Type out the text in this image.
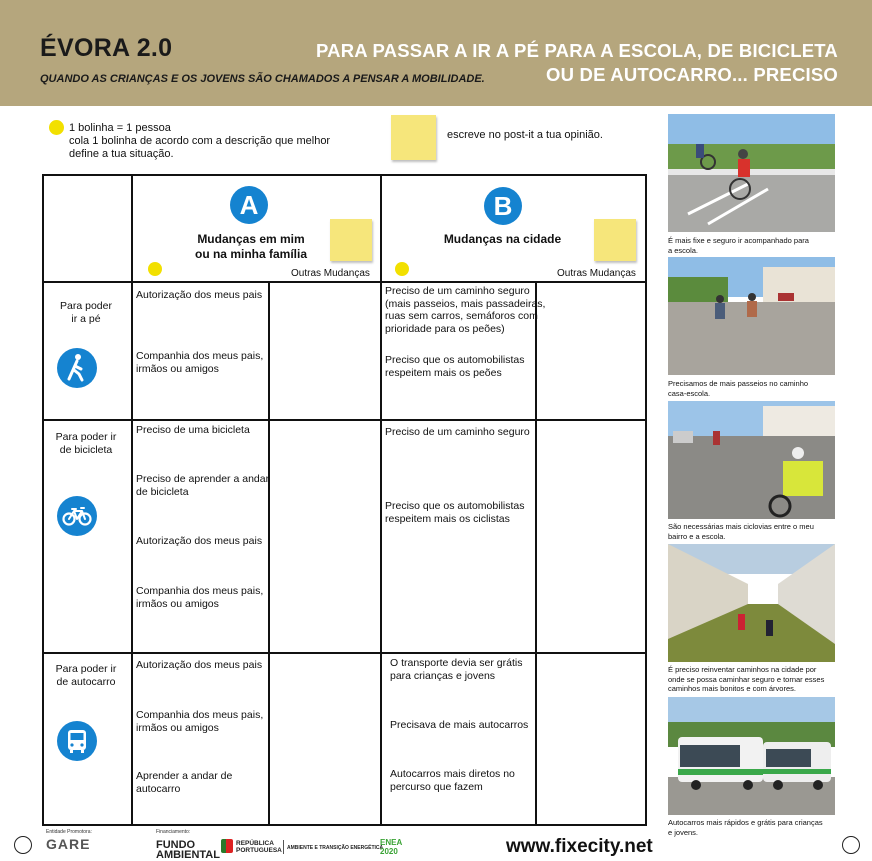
ÉVORA 2.0
QUANDO AS CRIANÇAS E OS JOVENS SÃO CHAMADOS A PENSAR A MOBILIDADE.
PARA PASSAR A IR A PÉ PARA A ESCOLA, DE BICICLETA
OU DE AUTOCARRO... PRECISO
1 bolinha = 1 pessoa
cola 1 bolinha de acordo com a descrição que melhor
define a tua situação.
escreve no post-it a tua opinião.
A
Mudanças em mim
ou na minha família
Outras Mudanças
B
Mudanças na cidade
Outras Mudanças
Para poder
ir a pé
Autorização dos meus pais
Companhia dos meus pais,
irmãos ou amigos
Preciso de um caminho seguro
(mais passeios, mais passadeiras,
ruas sem carros, semáforos com
prioridade para os peões)
Preciso que os automobilistas
respeitem mais os peões
Para poder ir
de bicicleta
Preciso de uma bicicleta
Preciso de aprender a andar
de bicicleta
Autorização dos meus pais
Companhia dos meus pais,
irmãos ou amigos
Preciso de um caminho seguro
Preciso que os automobilistas
respeitem mais os ciclistas
Para poder ir
de autocarro
Autorização dos meus pais
Companhia dos meus pais,
irmãos ou amigos
Aprender a andar de
autocarro
O transporte devia ser grátis
para crianças e jovens
Precisava de mais autocarros
Autocarros mais diretos no
percurso que fazem
É mais fixe e seguro ir acompanhado para
a escola.
Precisamos de mais passeios no caminho
casa-escola.
São necessárias mais ciclovias entre o meu
bairro e a escola.
É preciso reinventar caminhos na cidade por
onde se possa caminhar seguro e tornar esses
caminhos mais bonitos e com árvores.
Autocarros mais rápidos e grátis para crianças
e jovens.
Entidade Promotora:
GARE
Financiamento:
FUNDO
AMBIENTAL
REPÚBLICA
PORTUGUESA AMBIENTE E TRANSIÇÃO ENERGÉTICA
ENEA
2020	www.fixecity.net
